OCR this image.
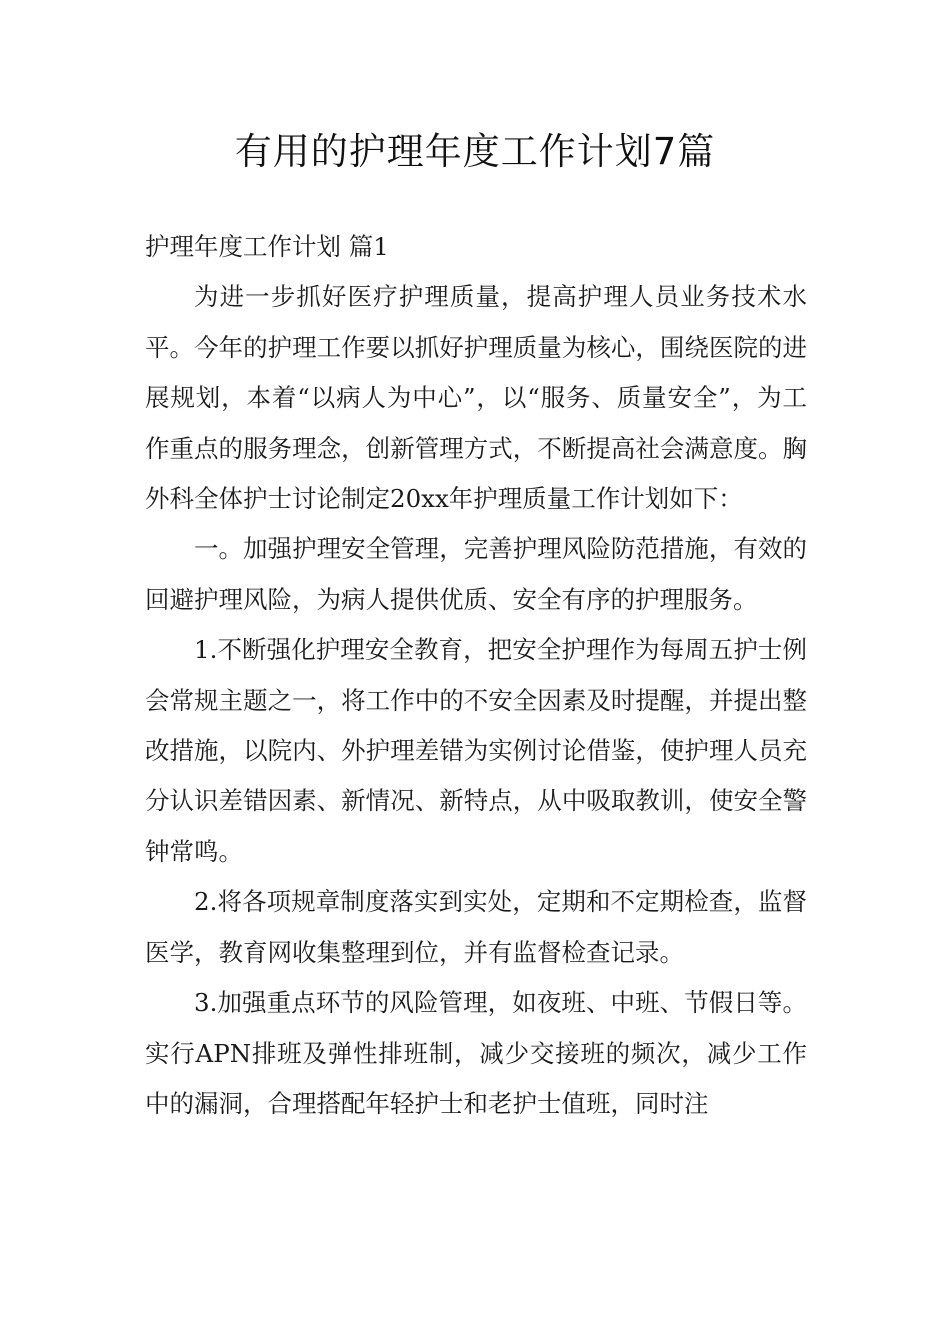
有用的护理年度工作计划7篇

护理年度工作计划 篇1

为进一步抓好医疗护理质量，提高护理人员业务技术水平。今年的护理工作要以抓好护理质量为核心，围绕医院的进展规划，本着“以病人为中心”，以“服务、质量安全”，为工作重点的服务理念，创新管理方式，不断提高社会满意度。胸外科全体护士讨论制定20xx年护理质量工作计划如下：

一。加强护理安全管理，完善护理风险防范措施，有效的回避护理风险，为病人提供优质、安全有序的护理服务。

1.不断强化护理安全教育，把安全护理作为每周五护士例会常规主题之一，将工作中的不安全因素及时提醒，并提出整改措施，以院内、外护理差错为实例讨论借鉴，使护理人员充分认识差错因素、新情况、新特点，从中吸取教训，使安全警钟常鸣。

2.将各项规章制度落实到实处，定期和不定期检查，监督医学，教育网收集整理到位，并有监督检查记录。

3.加强重点环节的风险管理，如夜班、中班、节假日等。实行APN排班及弹性排班制，减少交接班的频次，减少工作中的漏洞，合理搭配年轻护士和老护士值班，同时注
